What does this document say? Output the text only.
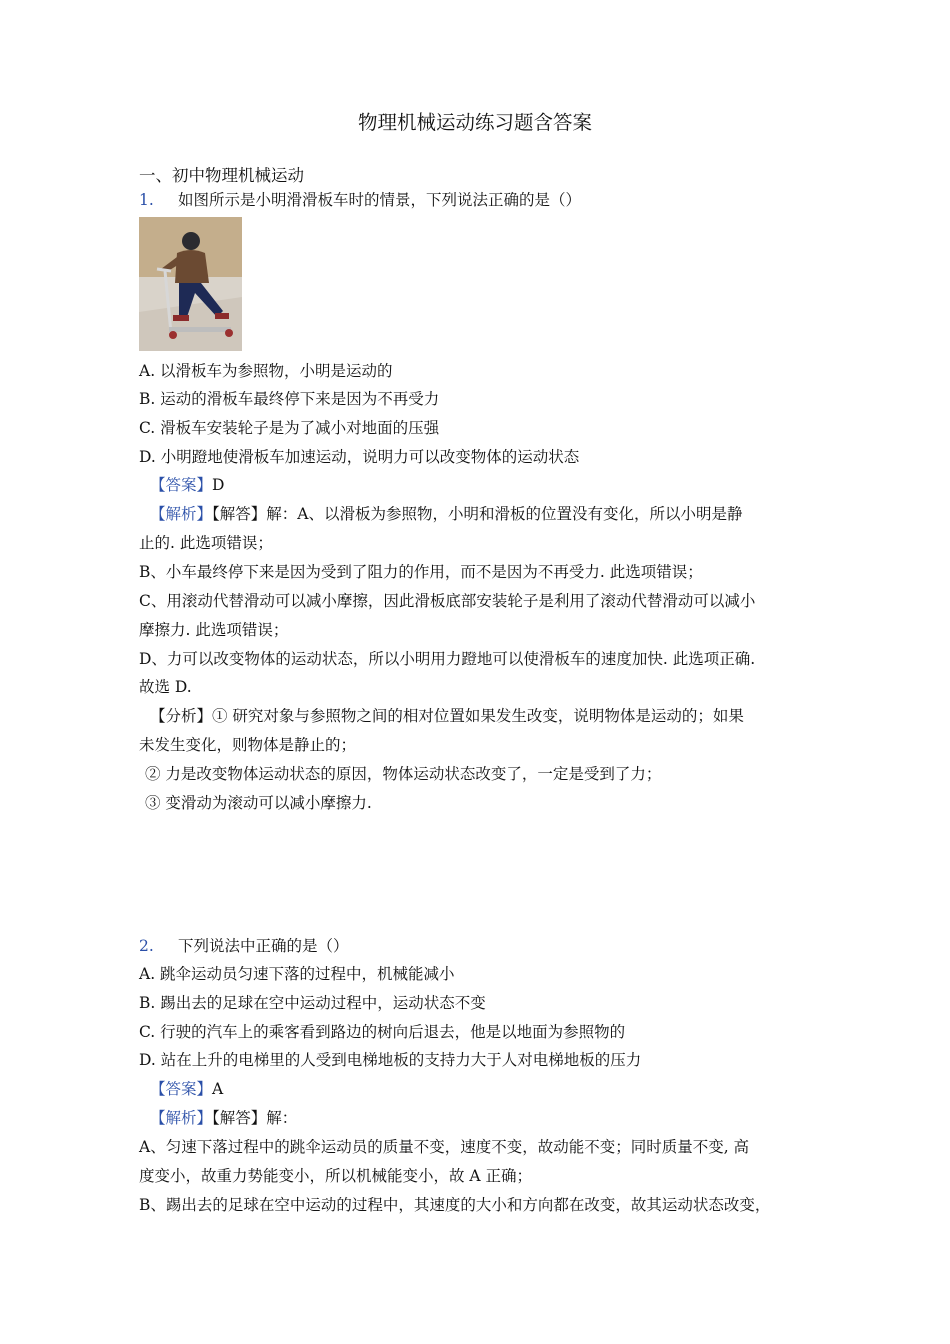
物理机械运动练习题含答案
一、初中物理机械运动
1. 如图所示是小明滑滑板车时的情景，下列说法正确的是（）
A. 以滑板车为参照物，小明是运动的
B. 运动的滑板车最终停下来是因为不再受力
C. 滑板车安装轮子是为了减小对地面的压强
D. 小明蹬地使滑板车加速运动，说明力可以改变物体的运动状态
【答案】D
【解析】【解答】解：A、以滑板为参照物，小明和滑板的位置没有变化，所以小明是静
止的. 此选项错误；
B、小车最终停下来是因为受到了阻力的作用，而不是因为不再受力. 此选项错误；
C、用滚动代替滑动可以减小摩擦，因此滑板底部安装轮子是利用了滚动代替滑动可以减小
摩擦力. 此选项错误；
D、力可以改变物体的运动状态，所以小明用力蹬地可以使滑板车的速度加快. 此选项正确.
故选 D.
【分析】① 研究对象与参照物之间的相对位置如果发生改变，说明物体是运动的；如果
未发生变化，则物体是静止的；
② 力是改变物体运动状态的原因，物体运动状态改变了，一定是受到了力；
③ 变滑动为滚动可以减小摩擦力.
2. 下列说法中正确的是（）
A. 跳伞运动员匀速下落的过程中，机械能减小
B. 踢出去的足球在空中运动过程中，运动状态不变
C. 行驶的汽车上的乘客看到路边的树向后退去，他是以地面为参照物的
D. 站在上升的电梯里的人受到电梯地板的支持力大于人对电梯地板的压力
【答案】A
【解析】【解答】解：
A、匀速下落过程中的跳伞运动员的质量不变，速度不变，故动能不变；同时质量不变, 高
度变小，故重力势能变小，所以机械能变小，故 A 正确；
B、踢出去的足球在空中运动的过程中，其速度的大小和方向都在改变，故其运动状态改变，
